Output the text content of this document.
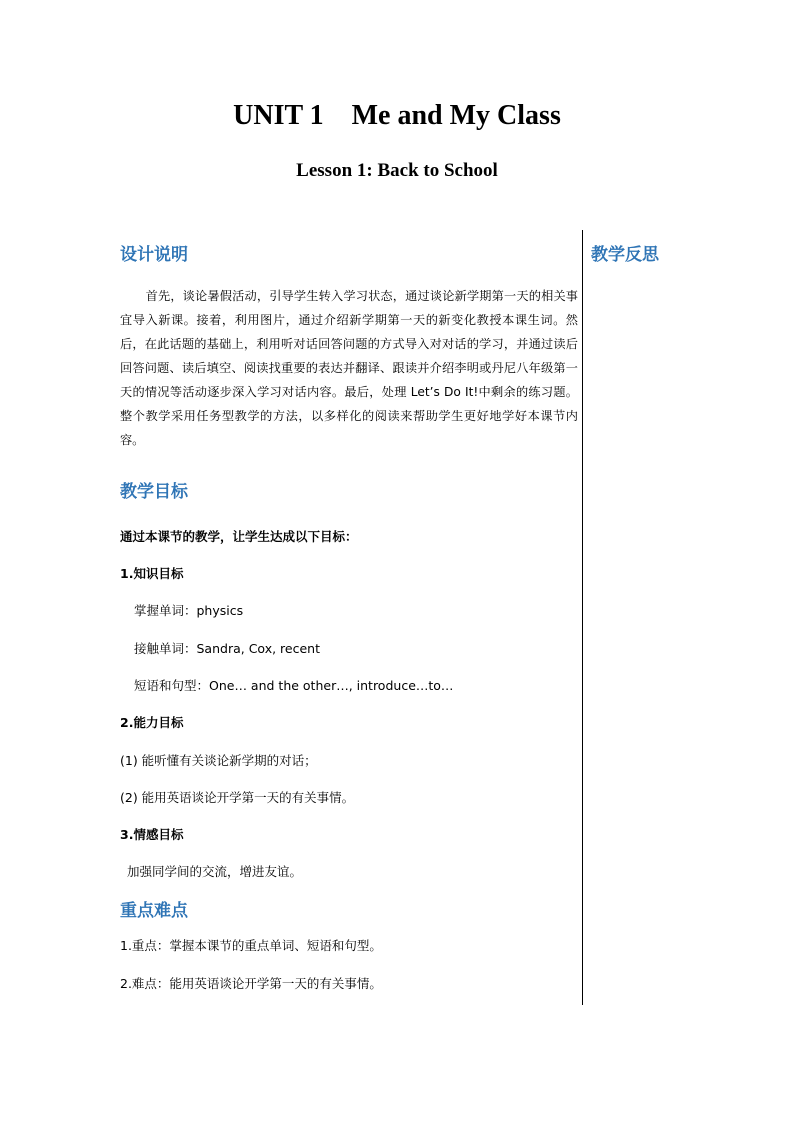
UNIT 1    Me and My Class
Lesson 1: Back to School
设计说明	教学反思
首先，谈论暑假活动，引导学生转入学习状态，通过谈论新学期第一天的相关事宜导入新课。接着，利用图片，通过介绍新学期第一天的新变化教授本课生词。然后，在此话题的基础上，利用听对话回答问题的方式导入对对话的学习，并通过读后回答问题、读后填空、阅读找重要的表达并翻译、跟读并介绍李明或丹尼八年级第一天的情况等活动逐步深入学习对话内容。最后，处理 Let’s Do It!中剩余的练习题。整个教学采用任务型教学的方法，以多样化的阅读来帮助学生更好地学好本课节内容。
教学目标
通过本课节的教学，让学生达成以下目标：
1.知识目标
掌握单词：physics
接触单词：Sandra, Cox, recent
短语和句型：One… and the other…, introduce…to…
2.能力目标
(1) 能听懂有关谈论新学期的对话；
(2) 能用英语谈论开学第一天的有关事情。
3.情感目标
加强同学间的交流，增进友谊。
重点难点
1.重点：掌握本课节的重点单词、短语和句型。
2.难点：能用英语谈论开学第一天的有关事情。
